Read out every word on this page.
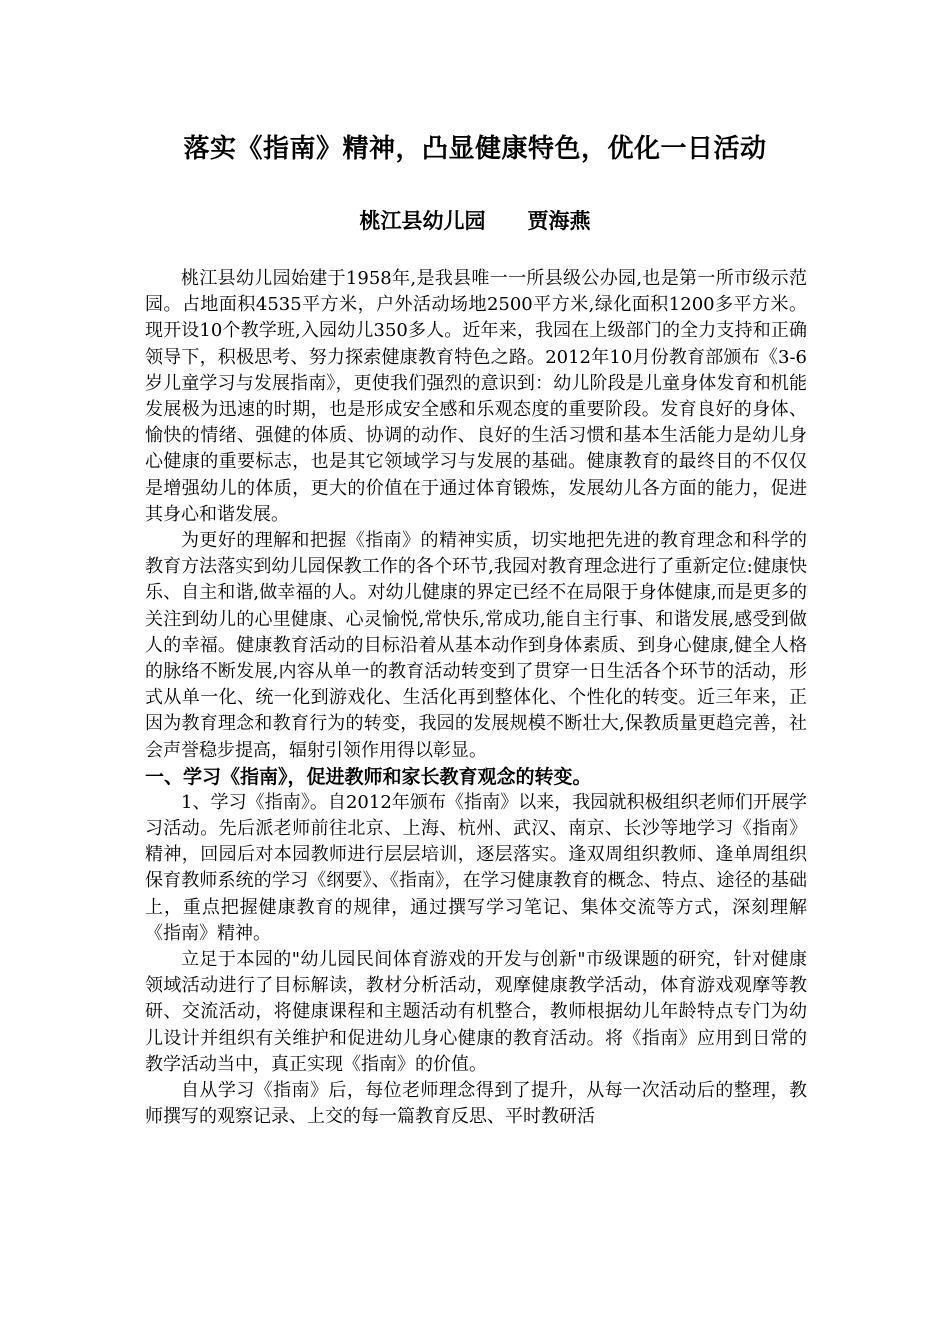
落实《指南》精神，凸显健康特色，优化一日活动
桃江县幼儿园 贾海燕

桃江县幼儿园始建于1958年,是我县唯一一所县级公办园,也是第一所市级示范园。占地面积4535平方米，户外活动场地2500平方米,绿化面积1200多平方米。现开设10个教学班,入园幼儿350多人。近年来，我园在上级部门的全力支持和正确领导下，积极思考、努力探索健康教育特色之路。2012年10月份教育部颁布《3-6岁儿童学习与发展指南》，更使我们强烈的意识到：幼儿阶段是儿童身体发育和机能发展极为迅速的时期，也是形成安全感和乐观态度的重要阶段。发育良好的身体、愉快的情绪、强健的体质、协调的动作、良好的生活习惯和基本生活能力是幼儿身心健康的重要标志，也是其它领域学习与发展的基础。健康教育的最终目的不仅仅是增强幼儿的体质，更大的价值在于通过体育锻炼，发展幼儿各方面的能力，促进其身心和谐发展。

为更好的理解和把握《指南》的精神实质，切实地把先进的教育理念和科学的教育方法落实到幼儿园保教工作的各个环节,我园对教育理念进行了重新定位:健康快乐、自主和谐,做幸福的人。对幼儿健康的界定已经不在局限于身体健康,而是更多的关注到幼儿的心里健康、心灵愉悦,常快乐,常成功,能自主行事、和谐发展,感受到做人的幸福。健康教育活动的目标沿着从基本动作到身体素质、到身心健康,健全人格的脉络不断发展,内容从单一的教育活动转变到了贯穿一日生活各个环节的活动，形式从单一化、统一化到游戏化、生活化再到整体化、个性化的转变。近三年来，正因为教育理念和教育行为的转变，我园的发展规模不断壮大,保教质量更趋完善，社会声誉稳步提高，辐射引领作用得以彰显。

一、学习《指南》，促进教师和家长教育观念的转变。

1、学习《指南》。自2012年颁布《指南》以来，我园就积极组织老师们开展学习活动。先后派老师前往北京、上海、杭州、武汉、南京、长沙等地学习《指南》精神，回园后对本园教师进行层层培训，逐层落实。逢双周组织教师、逢单周组织保育教师系统的学习《纲要》、《指南》，在学习健康教育的概念、特点、途径的基础上，重点把握健康教育的规律，通过撰写学习笔记、集体交流等方式，深刻理解《指南》精神。

立足于本园的"幼儿园民间体育游戏的开发与创新"市级课题的研究，针对健康领域活动进行了目标解读，教材分析活动，观摩健康教学活动，体育游戏观摩等教研、交流活动，将健康课程和主题活动有机整合，教师根据幼儿年龄特点专门为幼儿设计并组织有关维护和促进幼儿身心健康的教育活动。将《指南》应用到日常的教学活动当中，真正实现《指南》的价值。

自从学习《指南》后，每位老师理念得到了提升，从每一次活动后的整理，教师撰写的观察记录、上交的每一篇教育反思、平时教研活
